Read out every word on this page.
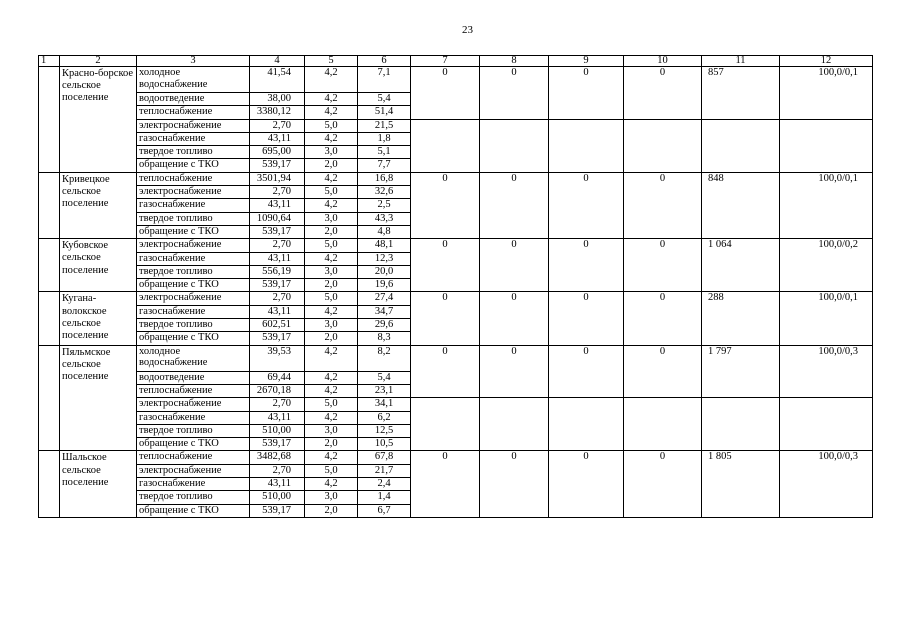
23
1	2	3	4	5	6	7	8	9	10	11	12
	Красно-борское сельское поселение	холодное водоснабжение	41,54	4,2	7,1	0	0	0	0	857	100,0/0,1
		водоотведение	38,00	4,2	5,4						
		теплоснабжение	3380,12	4,2	51,4						
		электроснабжение	2,70	5,0	21,5						
		газоснабжение	43,11	4,2	1,8						
		твердое топливо	695,00	3,0	5,1						
		обращение с ТКО	539,17	2,0	7,7						
	Кривецкое сельское поселение	теплоснабжение	3501,94	4,2	16,8	0	0	0	0	848	100,0/0,1
		электроснабжение	2,70	5,0	32,6						
		газоснабжение	43,11	4,2	2,5						
		твердое топливо	1090,64	3,0	43,3						
		обращение с ТКО	539,17	2,0	4,8						
	Кубовское сельское поселение	электроснабжение	2,70	5,0	48,1	0	0	0	0	1 064	100,0/0,2
		газоснабжение	43,11	4,2	12,3						
		твердое топливо	556,19	3,0	20,0						
		обращение с ТКО	539,17	2,0	19,6						
	Кугана-волокское сельское поселение	электроснабжение	2,70	5,0	27,4	0	0	0	0	288	100,0/0,1
		газоснабжение	43,11	4,2	34,7						
		твердое топливо	602,51	3,0	29,6						
		обращение с ТКО	539,17	2,0	8,3						
	Пяльмское сельское поселение	холодное водоснабжение	39,53	4,2	8,2	0	0	0	0	1 797	100,0/0,3
		водоотведение	69,44	4,2	5,4						
		теплоснабжение	2670,18	4,2	23,1						
		электроснабжение	2,70	5,0	34,1						
		газоснабжение	43,11	4,2	6,2						
		твердое топливо	510,00	3,0	12,5						
		обращение с ТКО	539,17	2,0	10,5						
	Шальское сельское поселение	теплоснабжение	3482,68	4,2	67,8	0	0	0	0	1 805	100,0/0,3
		электроснабжение	2,70	5,0	21,7						
		газоснабжение	43,11	4,2	2,4						
		твердое топливо	510,00	3,0	1,4						
		обращение с ТКО	539,17	2,0	6,7						
